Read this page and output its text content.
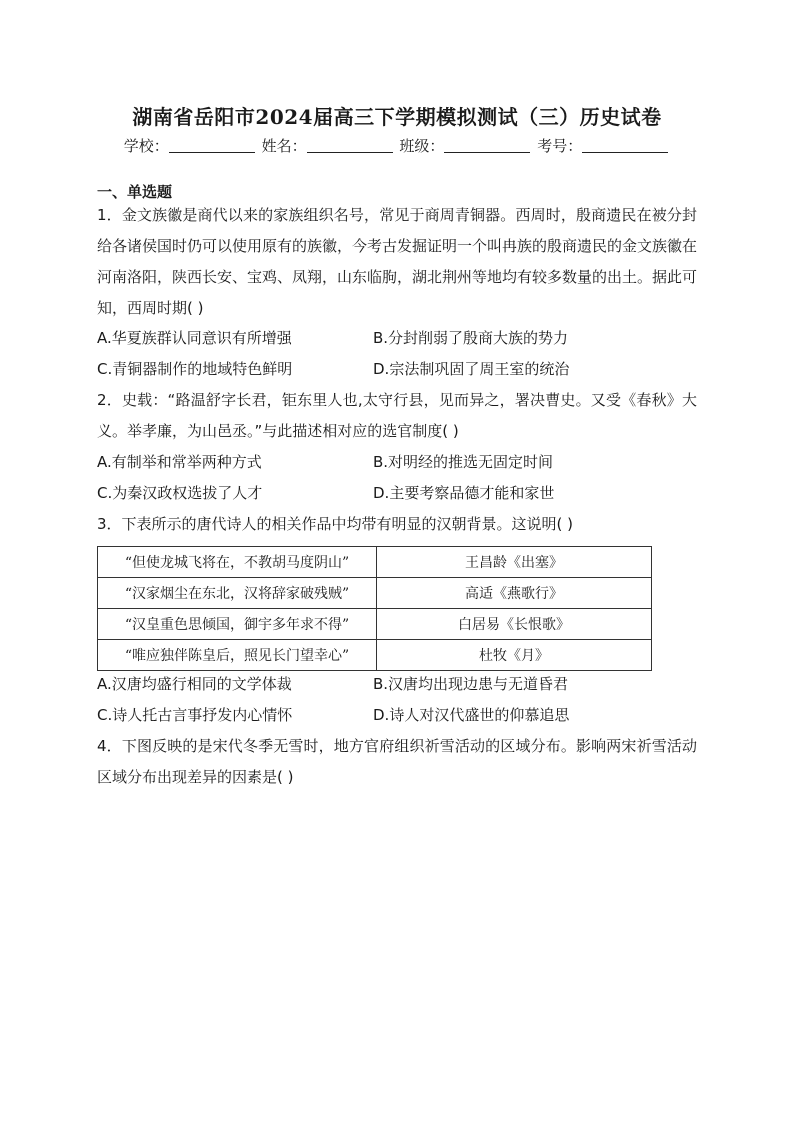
湖南省岳阳市2024届高三下学期模拟测试（三）历史试卷
学校：	姓名：	班级：	考号：
一、单选题
1．金文族徽是商代以来的家族组织名号，常见于商周青铜器。西周时，殷商遗民在被分封给各诸侯国时仍可以使用原有的族徽，今考古发掘证明一个叫冉族的殷商遗民的金文族徽在河南洛阳，陕西长安、宝鸡、凤翔，山东临朐，湖北荆州等地均有较多数量的出土。据此可知，西周时期( )
A.华夏族群认同意识有所增强	B.分封削弱了殷商大族的势力
C.青铜器制作的地域特色鲜明	D.宗法制巩固了周王室的统治
2．史载：“路温舒字长君，钜东里人也,太守行县，见而异之，署决曹史。又受《春秋》大义。举孝廉，为山邑丞。”与此描述相对应的选官制度( )
A.有制举和常举两种方式	B.对明经的推选无固定时间
C.为秦汉政权选拔了人才	D.主要考察品德才能和家世
3．下表所示的唐代诗人的相关作品中均带有明显的汉朝背景。这说明( )
“但使龙城飞将在，不教胡马度阴山”	王昌龄《出塞》
“汉家烟尘在东北，汉将辞家破残贼”	高适《燕歌行》
“汉皇重色思倾国，御宇多年求不得”	白居易《长恨歌》
“唯应独伴陈皇后，照见长门望幸心”	杜牧《月》
A.汉唐均盛行相同的文学体裁	B.汉唐均出现边患与无道昏君
C.诗人托古言事抒发内心情怀	D.诗人对汉代盛世的仰慕追思
4．下图反映的是宋代冬季无雪时，地方官府组织祈雪活动的区域分布。影响两宋祈雪活动区域分布出现差异的因素是( )
